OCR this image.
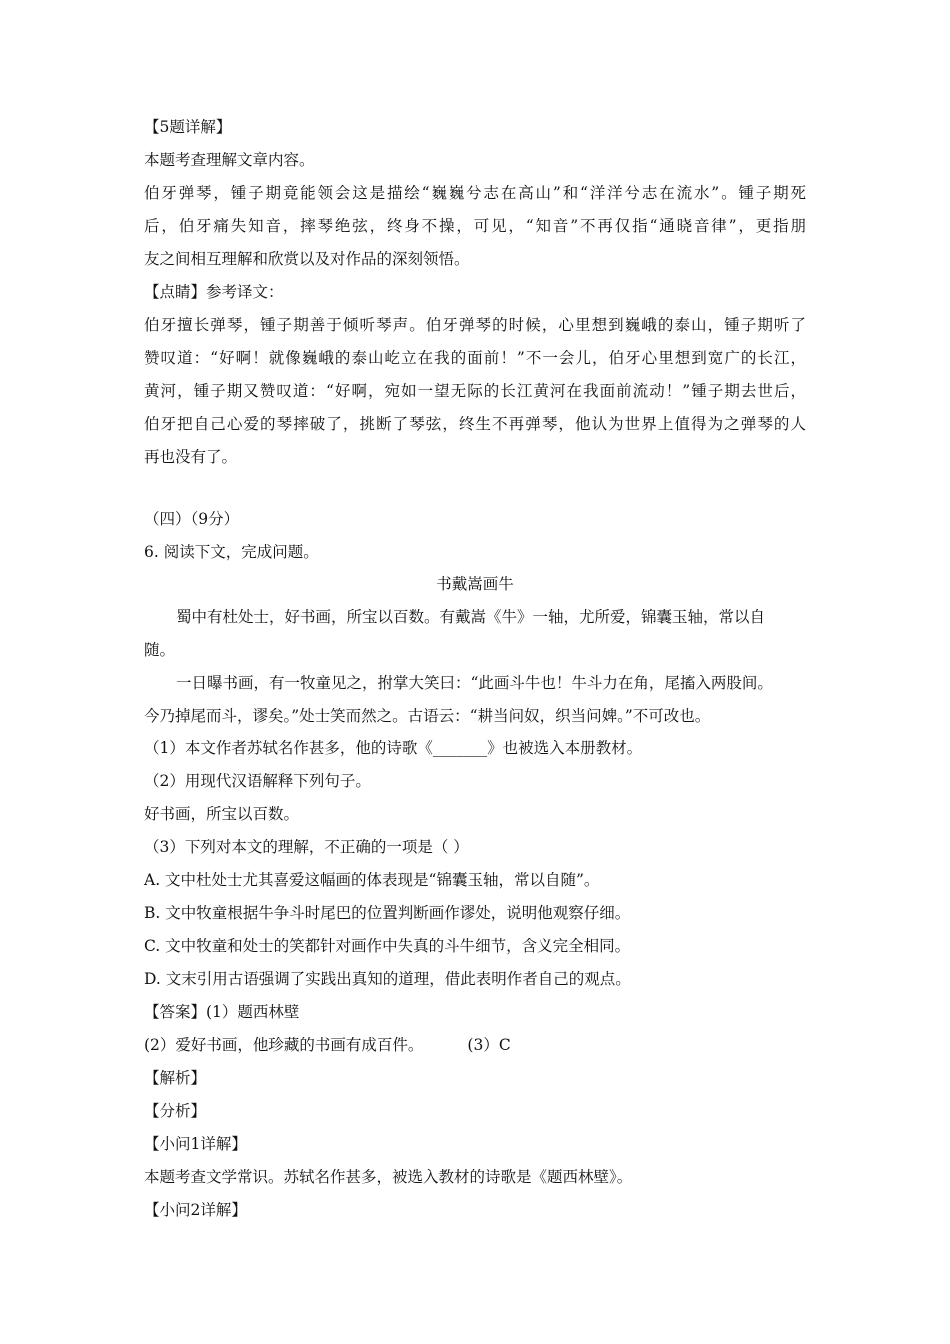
【5题详解】
本题考查理解文章内容。
伯牙弹琴，锺子期竟能领会这是描绘“巍巍兮志在高山”和“洋洋兮志在流水”。锺子期死
后，伯牙痛失知音，摔琴绝弦，终身不操，可见，“知音”不再仅指“通晓音律”，更指朋
友之间相互理解和欣赏以及对作品的深刻领悟。
【点睛】参考译文：
伯牙擅长弹琴，锺子期善于倾听琴声。伯牙弹琴的时候，心里想到巍峨的泰山，锺子期听了
赞叹道：“好啊！就像巍峨的泰山屹立在我的面前！”不一会儿，伯牙心里想到宽广的长江，
黄河，锺子期又赞叹道：“好啊，宛如一望无际的长江黄河在我面前流动！”锺子期去世后，
伯牙把自己心爱的琴摔破了，挑断了琴弦，终生不再弹琴，他认为世界上值得为之弹琴的人
再也没有了。
（四）（9分）
6. 阅读下文，完成问题。
书戴嵩画牛
蜀中有杜处士，好书画，所宝以百数。有戴嵩《牛》一轴，尤所爱，锦囊玉轴，常以自
随。
一日曝书画，有一牧童见之，拊掌大笑曰：“此画斗牛也！牛斗力在角，尾搐入两股间。
今乃掉尾而斗，谬矣。”处士笑而然之。古语云：“耕当问奴，织当问婢。”不可改也。
（1）本文作者苏轼名作甚多，他的诗歌《_______》也被选入本册教材。
（2）用现代汉语解释下列句子。
好书画，所宝以百数。
（3）下列对本文的理解，不正确的一项是（ ）
A. 文中杜处士尤其喜爱这幅画的体表现是“锦囊玉轴，常以自随”。
B. 文中牧童根据牛争斗时尾巴的位置判断画作谬处，说明他观察仔细。
C. 文中牧童和处士的笑都针对画作中失真的斗牛细节，含义完全相同。
D. 文末引用古语强调了实践出真知的道理，借此表明作者自己的观点。
【答案】(1）题西林壁
(2）爱好书画，他珍藏的书画有成百件。	(3）C
【解析】
【分析】
【小问1详解】
本题考查文学常识。苏轼名作甚多，被选入教材的诗歌是《题西林壁》。
【小问2详解】
